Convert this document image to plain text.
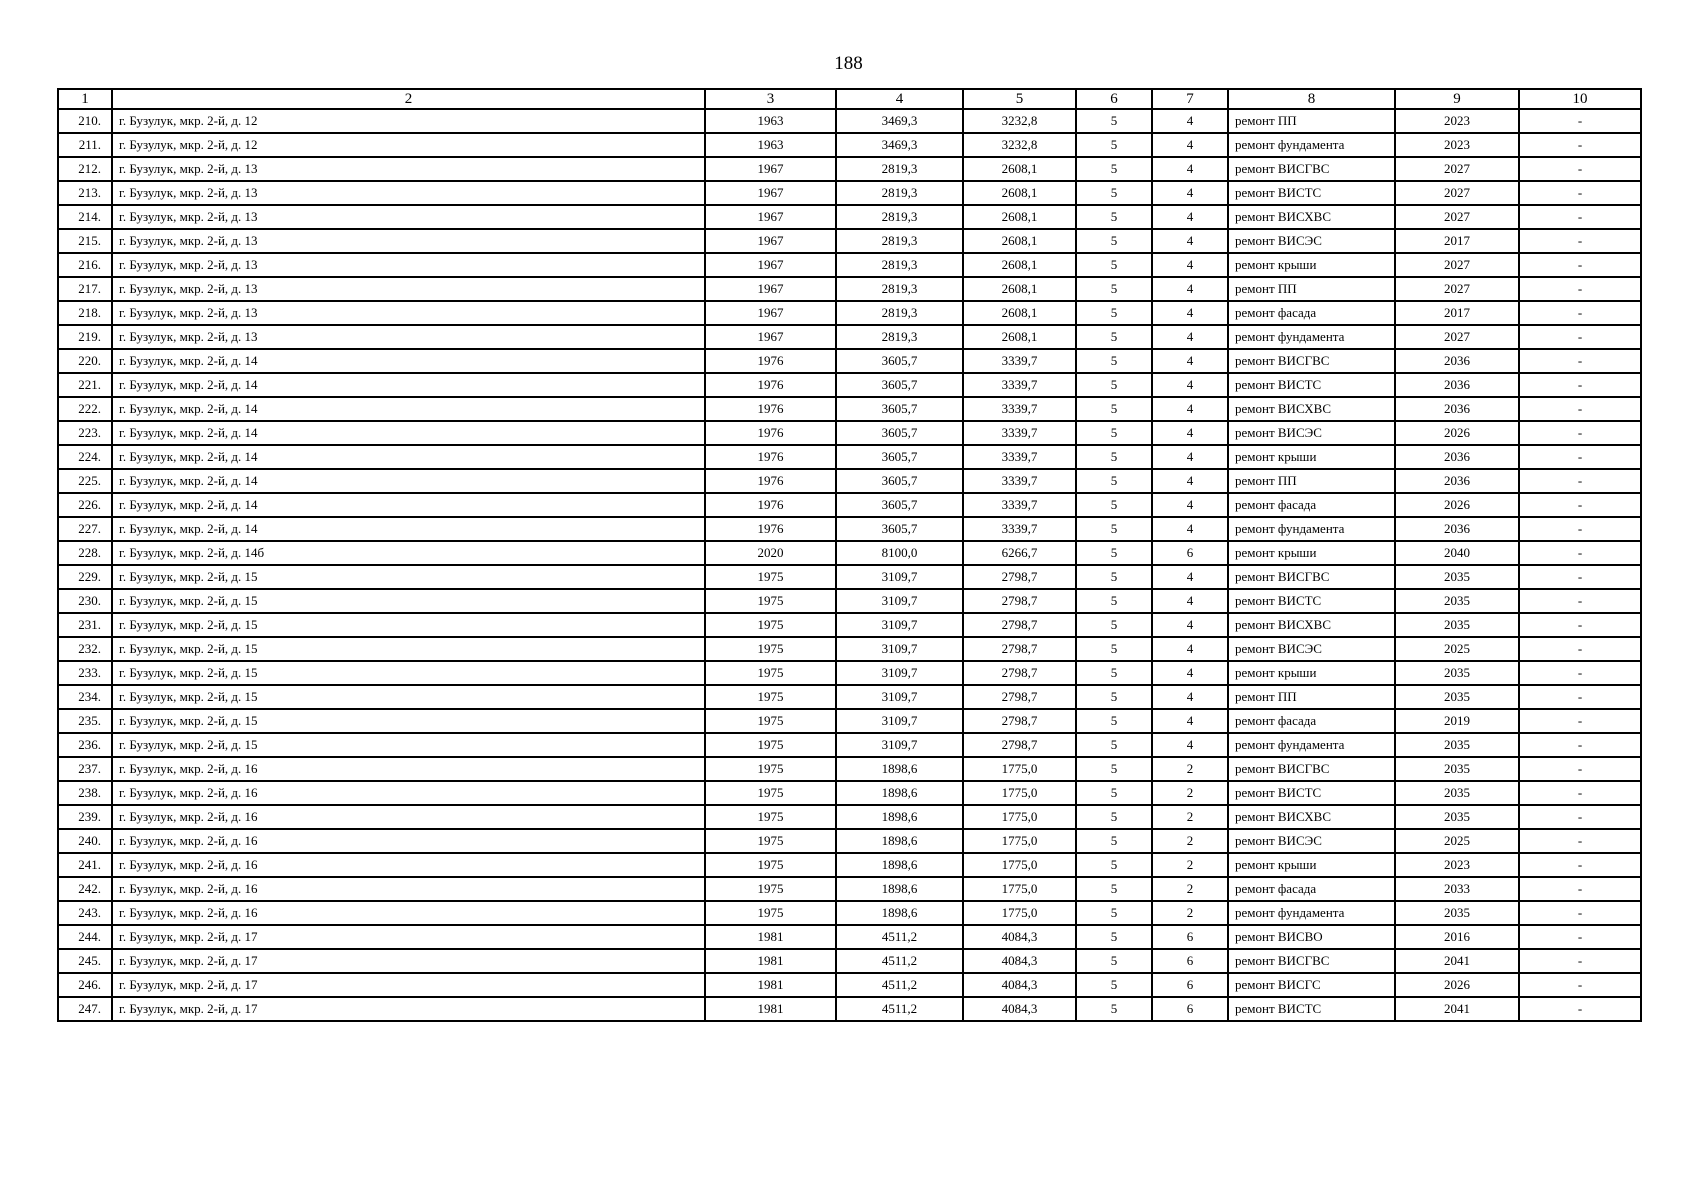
188
1	2	3	4	5	6	7	8	9	10
210.	г. Бузулук, мкр. 2-й, д. 12	1963	3469,3	3232,8	5	4	ремонт ПП	2023	-
211.	г. Бузулук, мкр. 2-й, д. 12	1963	3469,3	3232,8	5	4	ремонт фундамента	2023	-
212.	г. Бузулук, мкр. 2-й, д. 13	1967	2819,3	2608,1	5	4	ремонт ВИСГВС	2027	-
213.	г. Бузулук, мкр. 2-й, д. 13	1967	2819,3	2608,1	5	4	ремонт ВИСТС	2027	-
214.	г. Бузулук, мкр. 2-й, д. 13	1967	2819,3	2608,1	5	4	ремонт ВИСХВС	2027	-
215.	г. Бузулук, мкр. 2-й, д. 13	1967	2819,3	2608,1	5	4	ремонт ВИСЭС	2017	-
216.	г. Бузулук, мкр. 2-й, д. 13	1967	2819,3	2608,1	5	4	ремонт крыши	2027	-
217.	г. Бузулук, мкр. 2-й, д. 13	1967	2819,3	2608,1	5	4	ремонт ПП	2027	-
218.	г. Бузулук, мкр. 2-й, д. 13	1967	2819,3	2608,1	5	4	ремонт фасада	2017	-
219.	г. Бузулук, мкр. 2-й, д. 13	1967	2819,3	2608,1	5	4	ремонт фундамента	2027	-
220.	г. Бузулук, мкр. 2-й, д. 14	1976	3605,7	3339,7	5	4	ремонт ВИСГВС	2036	-
221.	г. Бузулук, мкр. 2-й, д. 14	1976	3605,7	3339,7	5	4	ремонт ВИСТС	2036	-
222.	г. Бузулук, мкр. 2-й, д. 14	1976	3605,7	3339,7	5	4	ремонт ВИСХВС	2036	-
223.	г. Бузулук, мкр. 2-й, д. 14	1976	3605,7	3339,7	5	4	ремонт ВИСЭС	2026	-
224.	г. Бузулук, мкр. 2-й, д. 14	1976	3605,7	3339,7	5	4	ремонт крыши	2036	-
225.	г. Бузулук, мкр. 2-й, д. 14	1976	3605,7	3339,7	5	4	ремонт ПП	2036	-
226.	г. Бузулук, мкр. 2-й, д. 14	1976	3605,7	3339,7	5	4	ремонт фасада	2026	-
227.	г. Бузулук, мкр. 2-й, д. 14	1976	3605,7	3339,7	5	4	ремонт фундамента	2036	-
228.	г. Бузулук, мкр. 2-й, д. 14б	2020	8100,0	6266,7	5	6	ремонт крыши	2040	-
229.	г. Бузулук, мкр. 2-й, д. 15	1975	3109,7	2798,7	5	4	ремонт ВИСГВС	2035	-
230.	г. Бузулук, мкр. 2-й, д. 15	1975	3109,7	2798,7	5	4	ремонт ВИСТС	2035	-
231.	г. Бузулук, мкр. 2-й, д. 15	1975	3109,7	2798,7	5	4	ремонт ВИСХВС	2035	-
232.	г. Бузулук, мкр. 2-й, д. 15	1975	3109,7	2798,7	5	4	ремонт ВИСЭС	2025	-
233.	г. Бузулук, мкр. 2-й, д. 15	1975	3109,7	2798,7	5	4	ремонт крыши	2035	-
234.	г. Бузулук, мкр. 2-й, д. 15	1975	3109,7	2798,7	5	4	ремонт ПП	2035	-
235.	г. Бузулук, мкр. 2-й, д. 15	1975	3109,7	2798,7	5	4	ремонт фасада	2019	-
236.	г. Бузулук, мкр. 2-й, д. 15	1975	3109,7	2798,7	5	4	ремонт фундамента	2035	-
237.	г. Бузулук, мкр. 2-й, д. 16	1975	1898,6	1775,0	5	2	ремонт ВИСГВС	2035	-
238.	г. Бузулук, мкр. 2-й, д. 16	1975	1898,6	1775,0	5	2	ремонт ВИСТС	2035	-
239.	г. Бузулук, мкр. 2-й, д. 16	1975	1898,6	1775,0	5	2	ремонт ВИСХВС	2035	-
240.	г. Бузулук, мкр. 2-й, д. 16	1975	1898,6	1775,0	5	2	ремонт ВИСЭС	2025	-
241.	г. Бузулук, мкр. 2-й, д. 16	1975	1898,6	1775,0	5	2	ремонт крыши	2023	-
242.	г. Бузулук, мкр. 2-й, д. 16	1975	1898,6	1775,0	5	2	ремонт фасада	2033	-
243.	г. Бузулук, мкр. 2-й, д. 16	1975	1898,6	1775,0	5	2	ремонт фундамента	2035	-
244.	г. Бузулук, мкр. 2-й, д. 17	1981	4511,2	4084,3	5	6	ремонт ВИСВО	2016	-
245.	г. Бузулук, мкр. 2-й, д. 17	1981	4511,2	4084,3	5	6	ремонт ВИСГВС	2041	-
246.	г. Бузулук, мкр. 2-й, д. 17	1981	4511,2	4084,3	5	6	ремонт ВИСГС	2026	-
247.	г. Бузулук, мкр. 2-й, д. 17	1981	4511,2	4084,3	5	6	ремонт ВИСТС	2041	-
